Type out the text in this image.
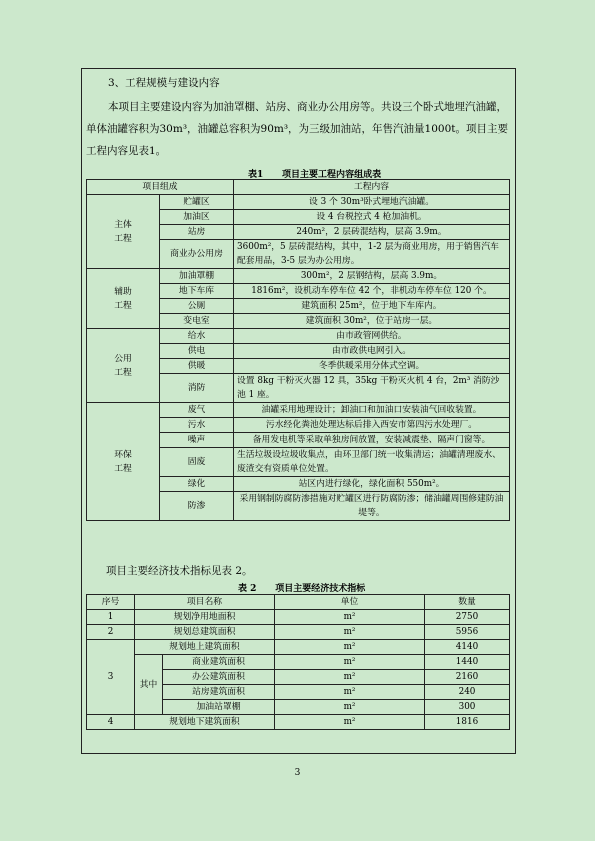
3、工程规模与建设内容

本项目主要建设内容为加油罩棚、站房、商业办公用房等。共设三个卧式地埋汽油罐，单体油罐容积为30m³，油罐总容积为90m³，为三级加油站，年售汽油量1000t。项目主要工程内容见表1。

表1      项目主要工程内容组成表
项目组成		工程内容
主体
工程	贮罐区	设 3 个 30m³卧式埋地汽油罐。
	加油区	设 4 台税控式 4 枪加油机。
	站房	240m²，2 层砖混结构，层高 3.9m。
	商业办公用房	3600m²，5 层砖混结构，其中，1-2 层为商业用房，用于销售汽车配套用品，3-5 层为办公用房。
辅助
工程	加油罩棚	300m²，2 层钢结构，层高 3.9m。
	地下车库	1816m²，设机动车停车位 42 个，非机动车停车位 120 个。
	公厕	建筑面积 25m²，位于地下车库内。
	变电室	建筑面积 30m²，位于站房一层。
公用
工程	给水	由市政管网供给。
	供电	由市政供电网引入。
	供暖	冬季供暖采用分体式空调。
	消防	设置 8kg 干粉灭火器 12 具，35kg 干粉灭火机 4 台，2m³ 消防沙池 1 座。
环保
工程	废气	油罐采用地理设计；卸油口和加油口安装油气回收装置。
	污水	污水经化粪池处理达标后排入西安市第四污水处理厂。
	噪声	备用发电机等采取单独房间放置，安装减震垫、隔声门窗等。
	固废	生活垃圾设垃圾收集点，由环卫部门统一收集清运；油罐清理废水、废渣交有资质单位处置。
	绿化	站区内进行绿化，绿化面积 550m²。
	防渗	采用钢制防腐防渗措施对贮罐区进行防腐防渗；储油罐周围修建防油堤等。
项目主要经济技术指标见表 2。
表 2      项目主要经济技术指标
序号	项目名称		单位	数量
1	规划净用地面积		m²	2750
2	规划总建筑面积		m²	5956
3	规划地上建筑面积		m²	4140
	其中	商业建筑面积	m²	1440
		办公建筑面积	m²	2160
		站房建筑面积	m²	240
		加油站罩棚	m²	300
4	规划地下建筑面积		m²	1816
3
